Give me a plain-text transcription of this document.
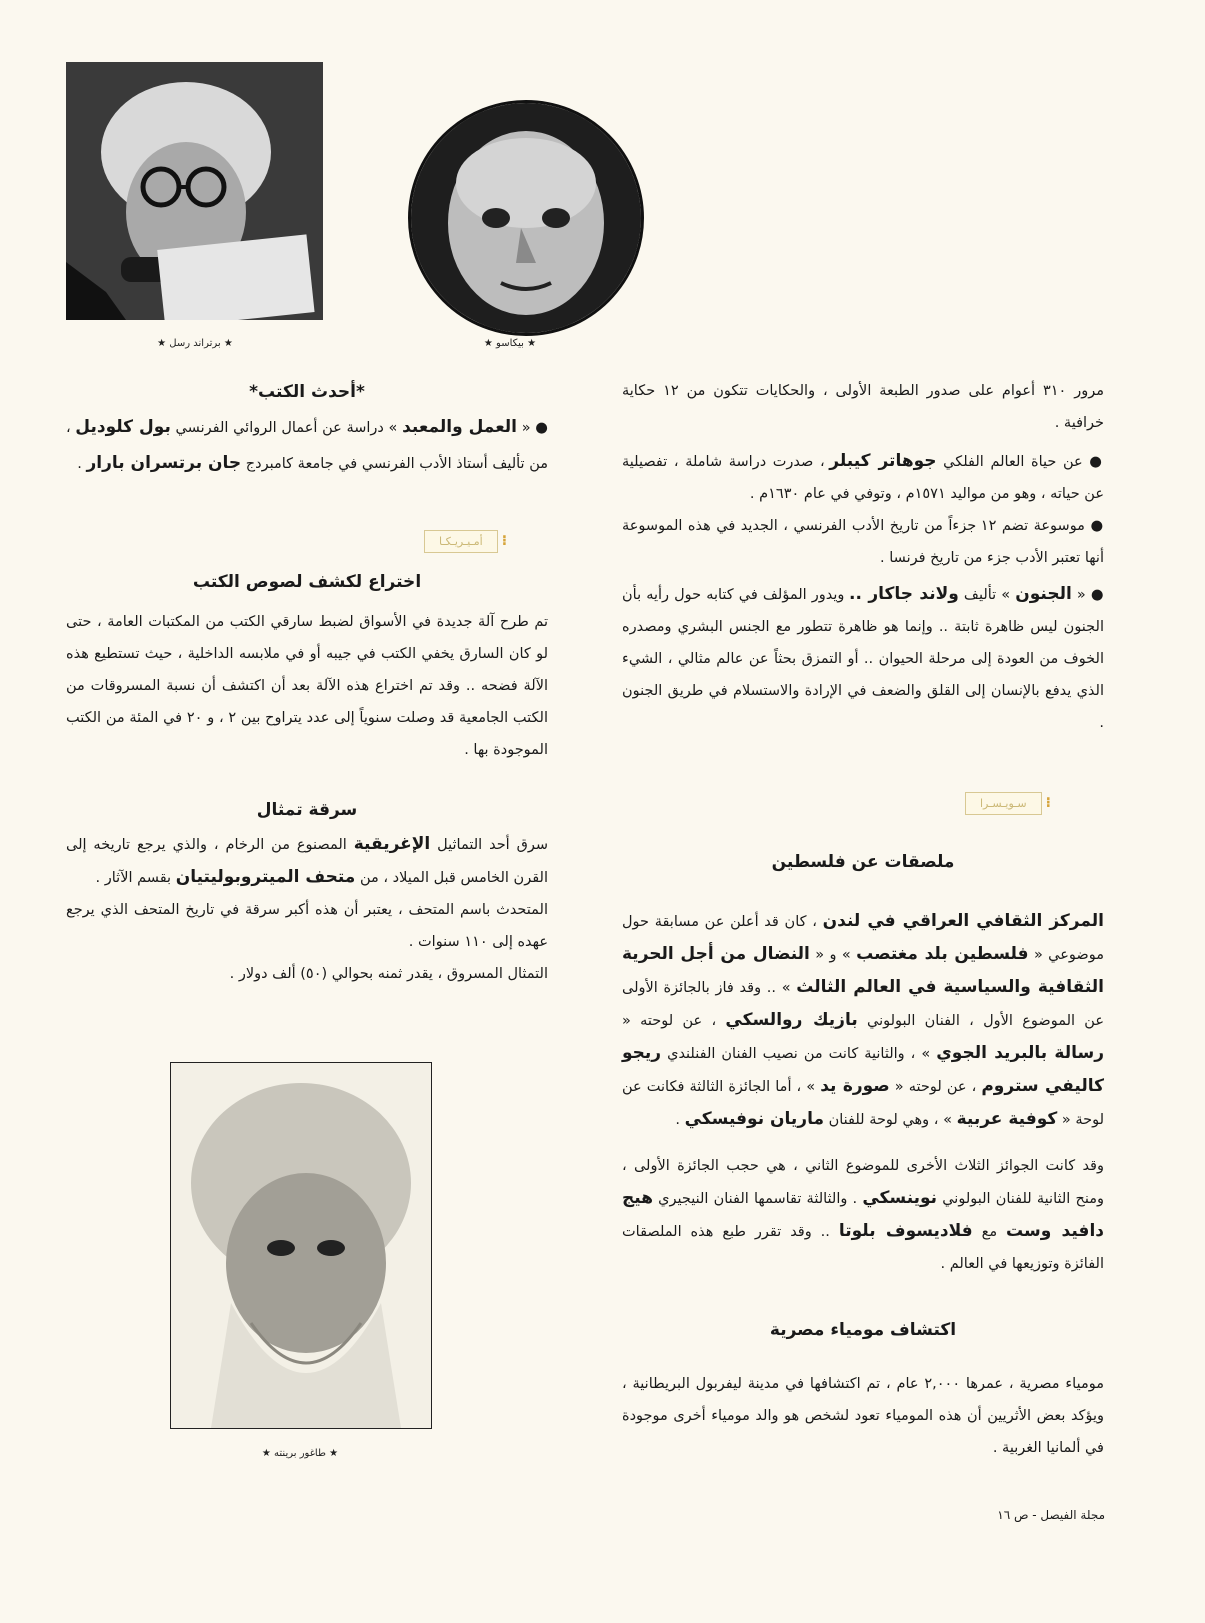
★ برتراند رسل ★	★ بيكاسو ★
★ طاغور برينته ★

مرور ٣١٠ أعوام على صدور الطبعة الأولى ، والحكايات تتكون من ١٢ حكاية خرافية .

● عن حياة العالم الفلكي جوهاتر كيبلر ، صدرت دراسة شاملة ، تفصيلية عن حياته ، وهو من مواليد ١٥٧١م ، وتوفي في عام ١٦٣٠م .

● موسوعة تضم ١٢ جزءاً من تاريخ الأدب الفرنسي ، الجديد في هذه الموسوعة أنها تعتبر الأدب جزء من تاريخ فرنسا .

● « الجنون » تأليف ولاند جاكار .. ويدور المؤلف في كتابه حول رأيه بأن الجنون ليس ظاهرة ثابتة .. وإنما هو ظاهرة تتطور مع الجنس البشري ومصدره الخوف من العودة إلى مرحلة الحيوان .. أو التمزق بحثاً عن عالم مثالي ، الشيء الذي يدفع بالإنسان إلى القلق والضعف في الإرادة والاستسلام في طريق الجنون .

⁝سـويـسـرا
ملصقات عن فلسطين

المركز الثقافي العراقي في لندن ، كان قد أعلن عن مسابقة حول موضوعي « فلسطين بلد مغتصب » و « النضال من أجل الحرية الثقافية والسياسية في العالم الثالث » .. وقد فاز بالجائزة الأولى عن الموضوع الأول ، الفنان البولوني بازيك روالسكي ، عن لوحته « رسالة بالبريد الجوي » ، والثانية كانت من نصيب الفنان الفنلندي ريجو كاليفي ستروم ، عن لوحته « صورة يد » ، أما الجائزة الثالثة فكانت عن لوحة « كوفية عربية » ، وهي لوحة للفنان ماريان نوفيسكي .

وقد كانت الجوائز الثلاث الأخرى للموضوع الثاني ، هي حجب الجائزة الأولى ، ومنح الثانية للفنان البولوني نوينسكي . والثالثة تقاسمها الفنان النيجيري هيج دافيد وست مع فلاديسوف بلوتا .. وقد تقرر طبع هذه الملصقات الفائزة وتوزيعها في العالم .

اكتشاف مومياء مصرية

مومياء مصرية ، عمرها ٢,٠٠٠ عام ، تم اكتشافها في مدينة ليفربول البريطانية ، ويؤكد بعض الأثريين أن هذه المومياء تعود لشخص هو والد مومياء أخرى موجودة في ألمانيا الغربية .

*أحدث الكتب*

● « العمل والمعبد » دراسة عن أعمال الروائي الفرنسي بول كلوديل ، من تأليف أستاذ الأدب الفرنسي في جامعة كامبردج جان برتسران بارار .

⁝أمـيـريـكـا
اختراع لكشف لصوص الكتب

تم طرح آلة جديدة في الأسواق لضبط سارقي الكتب من المكتبات العامة ، حتى لو كان السارق يخفي الكتب في جيبه أو في ملابسه الداخلية ، حيث تستطيع هذه الآلة فضحه .. وقد تم اختراع هذه الآلة بعد أن اكتشف أن نسبة المسروقات من الكتب الجامعية قد وصلت سنوياً إلى عدد يتراوح بين ٢ ، و ٢٠ في المئة من الكتب الموجودة بها .

سرقة تمثال

سرق أحد التماثيل الإغريقية المصنوع من الرخام ، والذي يرجع تاريخه إلى القرن الخامس قبل الميلاد ، من متحف الميتروبوليتيان بقسم الآثار .

المتحدث باسم المتحف ، يعتبر أن هذه أكبر سرقة في تاريخ المتحف الذي يرجع عهده إلى ١١٠ سنوات .

التمثال المسروق ، يقدر ثمنه بحوالي (٥٠) ألف دولار .

مجلة الفيصل - ص ١٦
